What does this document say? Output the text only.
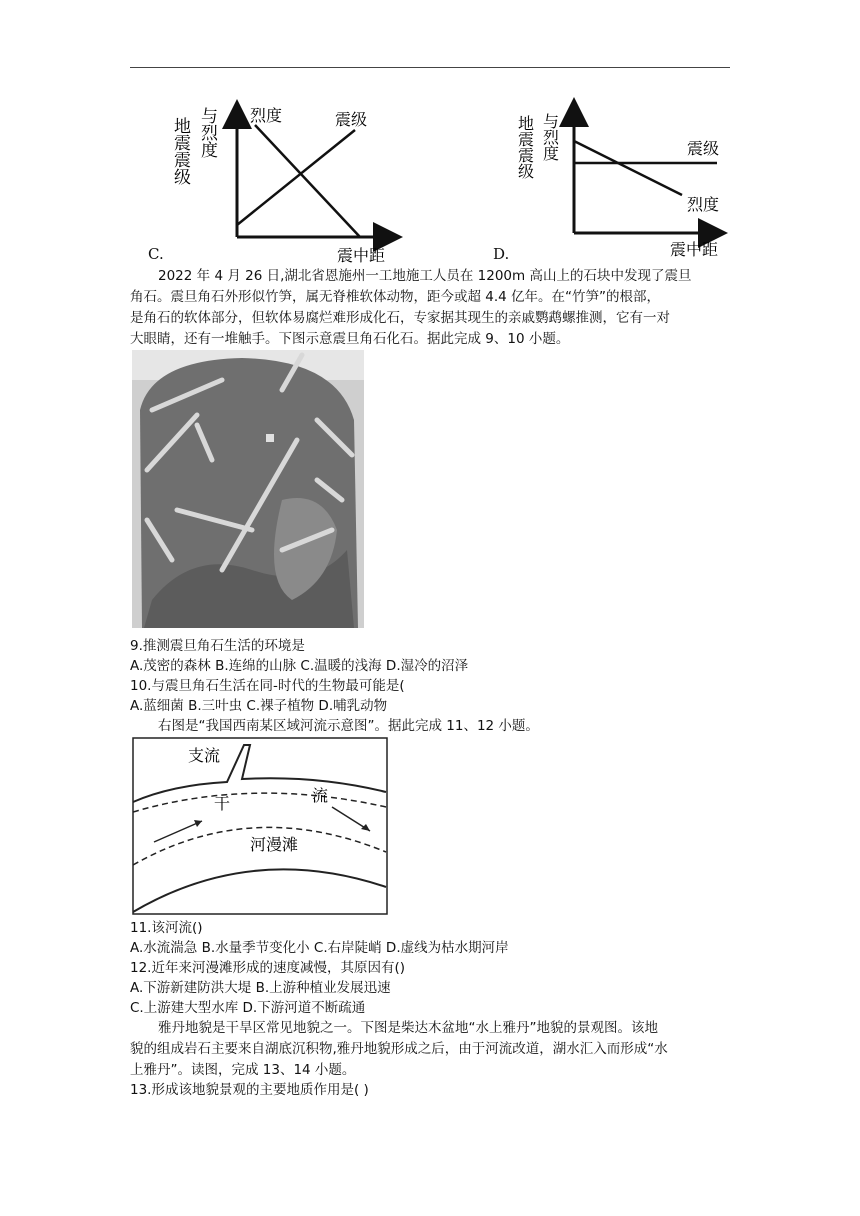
地震震级 与烈度 烈度	震级
震中距
C.
地震震级 与烈度	震级
烈度
震中距
D.
2022 年 4 月 26 日,湖北省恩施州一工地施工人员在 1200m 高山上的石块中发现了震旦
角石。震旦角石外形似竹笋，属无脊椎软体动物，距今或超 4.4 亿年。在“竹笋”的根部，
是角石的软体部分，但软体易腐烂难形成化石，专家据其现生的亲戚鹦鹉螺推测，它有一对
大眼睛，还有一堆触手。下图示意震旦角石化石。据此完成 9、10 小题。
9.推测震旦角石生活的环境是
A.茂密的森林 B.连绵的山脉 C.温暖的浅海 D.湿冷的沼泽
10.与震旦角石生活在同-时代的生物最可能是(
A.蓝细菌 B.三叶虫 C.裸子植物 D.哺乳动物
右图是“我国西南某区域河流示意图”。据此完成 11、12 小题。
支流
干	流
河漫滩
11.该河流()
A.水流湍急 B.水量季节变化小 C.右岸陡峭 D.虚线为枯水期河岸
12.近年来河漫滩形成的速度减慢，其原因有()
A.下游新建防洪大堤 B.上游种植业发展迅速
C.上游建大型水库 D.下游河道不断疏通
雅丹地貌是干旱区常见地貌之一。下图是柴达木盆地“水上雅丹”地貌的景观图。该地
貌的组成岩石主要来自湖底沉积物,雅丹地貌形成之后，由于河流改道，湖水汇入而形成“水
上雅丹”。读图，完成 13、14 小题。
13.形成该地貌景观的主要地质作用是( )
